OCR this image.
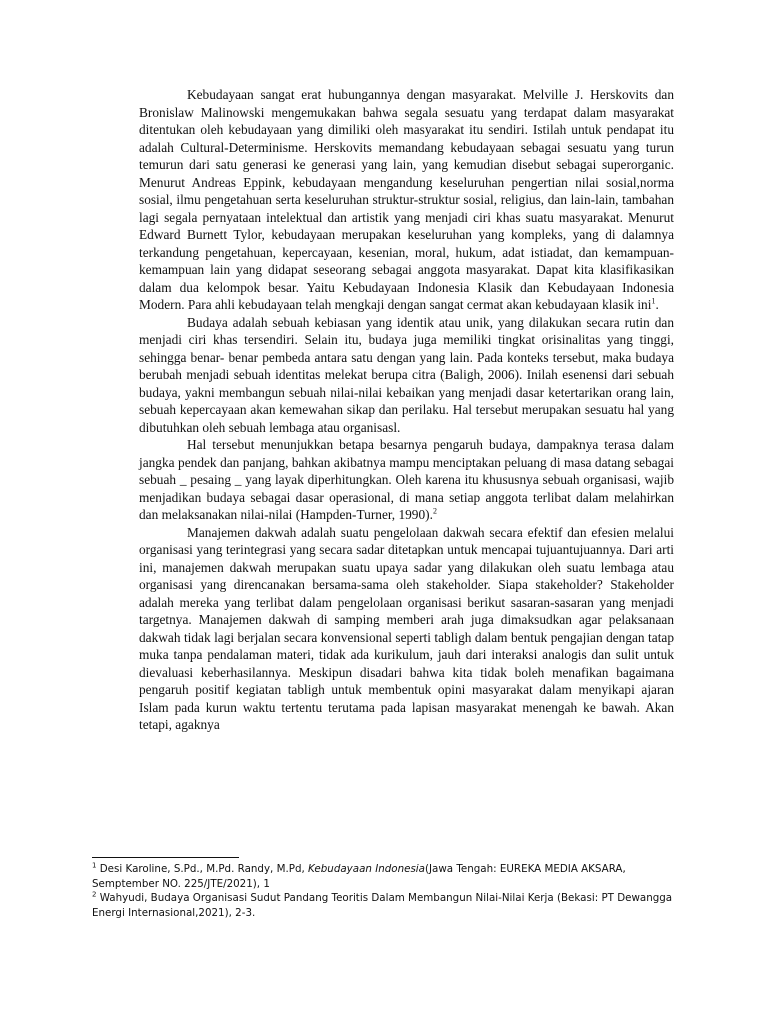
Kebudayaan sangat erat hubungannya dengan masyarakat. Melville J. Herskovits dan Bronislaw Malinowski mengemukakan bahwa segala sesuatu yang terdapat dalam masyarakat ditentukan oleh kebudayaan yang dimiliki oleh masyarakat itu sendiri. Istilah untuk pendapat itu adalah Cultural-Determinisme. Herskovits memandang kebudayaan sebagai sesuatu yang turun temurun dari satu generasi ke generasi yang lain, yang kemudian disebut sebagai superorganic. Menurut Andreas Eppink, kebudayaan mengandung keseluruhan pengertian nilai sosial,norma sosial, ilmu pengetahuan serta keseluruhan struktur-struktur sosial, religius, dan lain-lain, tambahan lagi segala pernyataan intelektual dan artistik yang menjadi ciri khas suatu masyarakat. Menurut Edward Burnett Tylor, kebudayaan merupakan keseluruhan yang kompleks, yang di dalamnya terkandung pengetahuan, kepercayaan, kesenian, moral, hukum, adat istiadat, dan kemampuan-kemampuan lain yang didapat seseorang sebagai anggota masyarakat. Dapat kita klasifikasikan dalam dua kelompok besar. Yaitu Kebudayaan Indonesia Klasik dan Kebudayaan Indonesia Modern. Para ahli kebudayaan telah mengkaji dengan sangat cermat akan kebudayaan klasik ini$^1$.

Budaya adalah sebuah kebiasan yang identik atau unik, yang dilakukan secara rutin dan menjadi ciri khas tersendiri. Selain itu, budaya juga memiliki tingkat orisinalitas yang tinggi, sehingga benar- benar pembeda antara satu dengan yang lain. Pada konteks tersebut, maka budaya berubah menjadi sebuah identitas melekat berupa citra (Baligh, 2006). Inilah esenensi dari sebuah budaya, yakni membangun sebuah nilai-nilai kebaikan yang menjadi dasar ketertarikan orang lain, sebuah kepercayaan akan kemewahan sikap dan perilaku. Hal tersebut merupakan sesuatu hal yang dibutuhkan oleh sebuah lembaga atau organisasl.

Hal tersebut menunjukkan betapa besarnya pengaruh budaya, dampaknya terasa dalam jangka pendek dan panjang, bahkan akibatnya mampu menciptakan peluang di masa datang sebagai sebuah _ pesaing _ yang layak diperhitungkan. Oleh karena itu khususnya sebuah organisasi, wajib menjadikan budaya sebagai dasar operasional, di mana setiap anggota terlibat dalam melahirkan dan melaksanakan nilai-nilai (Hampden-Turner, 1990).$^2$

Manajemen dakwah adalah suatu pengelolaan dakwah secara efektif dan efesien melalui organisasi yang terintegrasi yang secara sadar ditetapkan untuk mencapai tujuantujuannya. Dari arti ini, manajemen dakwah merupakan suatu upaya sadar yang dilakukan oleh suatu lembaga atau organisasi yang direncanakan bersama-sama oleh stakeholder. Siapa stakeholder? Stakeholder adalah mereka yang terlibat dalam pengelolaan organisasi berikut sasaran-sasaran yang menjadi targetnya. Manajemen dakwah di samping memberi arah juga dimaksudkan agar pelaksanaan dakwah tidak lagi berjalan secara konvensional seperti tabligh dalam bentuk pengajian dengan tatap muka tanpa pendalaman materi, tidak ada kurikulum, jauh dari interaksi analogis dan sulit untuk dievaluasi keberhasilannya. Meskipun disadari bahwa kita tidak boleh menafikan bagaimana pengaruh positif kegiatan tabligh untuk membentuk opini masyarakat dalam menyikapi ajaran Islam pada kurun waktu tertentu terutama pada lapisan masyarakat menengah ke bawah. Akan tetapi, agaknya

$^1$ Desi Karoline, S.Pd., M.Pd. Randy, M.Pd, Kebudayaan Indonesia(Jawa Tengah: EUREKA MEDIA AKSARA, Semptember NO. 225/JTE/2021), 1

$^2$ Wahyudi, Budaya Organisasi Sudut Pandang Teoritis Dalam Membangun Nilai-Nilai Kerja (Bekasi: PT Dewangga Energi Internasional,2021), 2-3.
